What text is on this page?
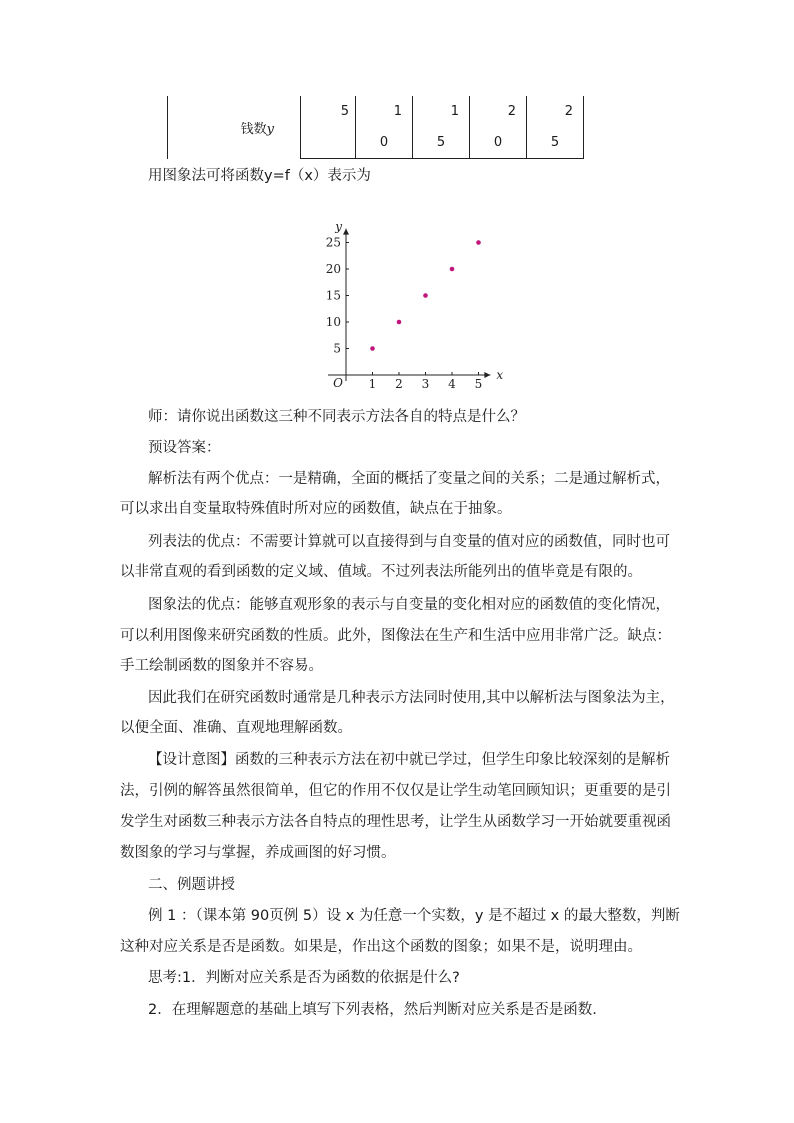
钱数y	5	1	1	2	2
		0	5	0	5
用图象法可将函数y=f（x）表示为
x
y
O 1 2 3 4 5
5
10
15
20
25
师：请你说出函数这三种不同表示方法各自的特点是什么？
预设答案：
解析法有两个优点：一是精确，全面的概括了变量之间的关系；二是通过解析式，
可以求出自变量取特殊值时所对应的函数值，缺点在于抽象。
列表法的优点：不需要计算就可以直接得到与自变量的值对应的函数值，同时也可
以非常直观的看到函数的定义域、值域。不过列表法所能列出的值毕竟是有限的。
图象法的优点：能够直观形象的表示与自变量的变化相对应的函数值的变化情况，
可以利用图像来研究函数的性质。此外，图像法在生产和生活中应用非常广泛。缺点：
手工绘制函数的图象并不容易。
因此我们在研究函数时通常是几种表示方法同时使用,其中以解析法与图象法为主，
以便全面、准确、直观地理解函数。
【设计意图】函数的三种表示方法在初中就已学过，但学生印象比较深刻的是解析
法，引例的解答虽然很简单，但它的作用不仅仅是让学生动笔回顾知识；更重要的是引
发学生对函数三种表示方法各自特点的理性思考，让学生从函数学习一开始就要重视函
数图象的学习与掌握，养成画图的好习惯。
二、例题讲授
例 1 ：（课本第 90页例 5）设 x 为任意一个实数，y 是不超过 x 的最大整数，判断
这种对应关系是否是函数。如果是，作出这个函数的图象；如果不是，说明理由。
思考:1．判断对应关系是否为函数的依据是什么?
2．在理解题意的基础上填写下列表格，然后判断对应关系是否是函数.
